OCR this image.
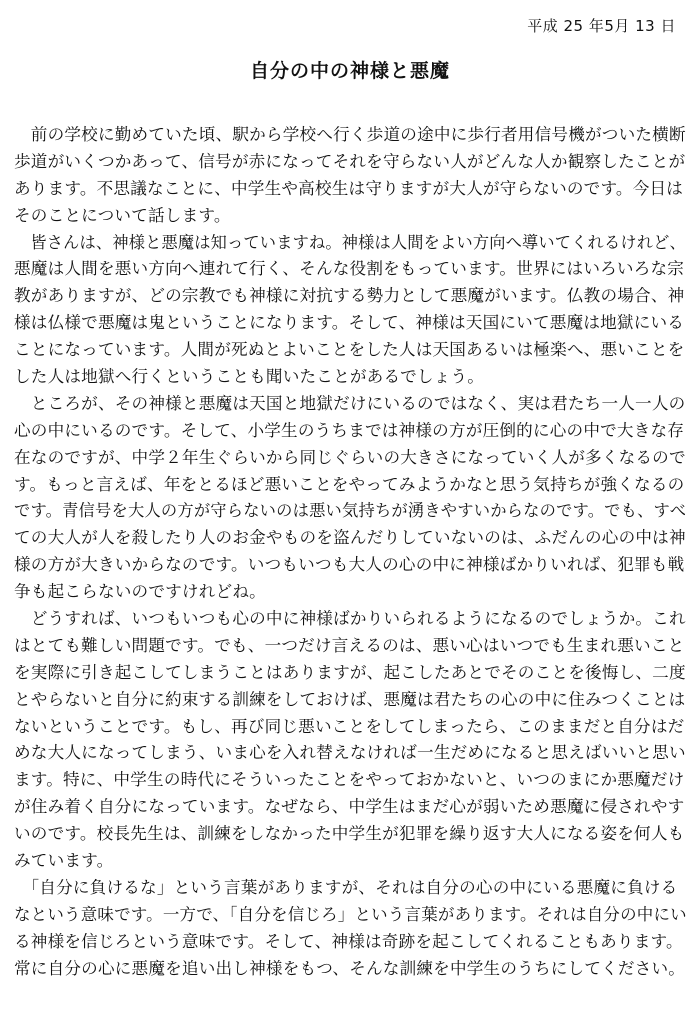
平成 25 年5月 13 日
自分の中の神様と悪魔
　前の学校に勤めていた頃、駅から学校へ行く歩道の途中に歩行者用信号機がついた横断
歩道がいくつかあって、信号が赤になってそれを守らない人がどんな人か観察したことが
あります。不思議なことに、中学生や高校生は守りますが大人が守らないのです。今日は
そのことについて話します。
　皆さんは、神様と悪魔は知っていますね。神様は人間をよい方向へ導いてくれるけれど、
悪魔は人間を悪い方向へ連れて行く、そんな役割をもっています。世界にはいろいろな宗
教がありますが、どの宗教でも神様に対抗する勢力として悪魔がいます。仏教の場合、神
様は仏様で悪魔は鬼ということになります。そして、神様は天国にいて悪魔は地獄にいる
ことになっています。人間が死ぬとよいことをした人は天国あるいは極楽へ、悪いことを
した人は地獄へ行くということも聞いたことがあるでしょう。
　ところが、その神様と悪魔は天国と地獄だけにいるのではなく、実は君たち一人一人の
心の中にいるのです。そして、小学生のうちまでは神様の方が圧倒的に心の中で大きな存
在なのですが、中学２年生ぐらいから同じぐらいの大きさになっていく人が多くなるので
す。もっと言えば、年をとるほど悪いことをやってみようかなと思う気持ちが強くなるの
です。青信号を大人の方が守らないのは悪い気持ちが湧きやすいからなのです。でも、すべ
ての大人が人を殺したり人のお金やものを盗んだりしていないのは、ふだんの心の中は神
様の方が大きいからなのです。いつもいつも大人の心の中に神様ばかりいれば、犯罪も戦
争も起こらないのですけれどね。
　どうすれば、いつもいつも心の中に神様ばかりいられるようになるのでしょうか。これ
はとても難しい問題です。でも、一つだけ言えるのは、悪い心はいつでも生まれ悪いこと
を実際に引き起こしてしまうことはありますが、起こしたあとでそのことを後悔し、二度
とやらないと自分に約束する訓練をしておけば、悪魔は君たちの心の中に住みつくことは
ないということです。もし、再び同じ悪いことをしてしまったら、このままだと自分はだ
めな大人になってしまう、いま心を入れ替えなければ一生だめになると思えばいいと思い
ます。特に、中学生の時代にそういったことをやっておかないと、いつのまにか悪魔だけ
が住み着く自分になっています。なぜなら、中学生はまだ心が弱いため悪魔に侵されやす
いのです。校長先生は、訓練をしなかった中学生が犯罪を繰り返す大人になる姿を何人も
みています。
　「自分に負けるな」という言葉がありますが、それは自分の心の中にいる悪魔に負ける
なという意味です。一方で、「自分を信じろ」という言葉があります。それは自分の中にい
る神様を信じろという意味です。そして、神様は奇跡を起こしてくれることもあります。
常に自分の心に悪魔を追い出し神様をもつ、そんな訓練を中学生のうちにしてください。
